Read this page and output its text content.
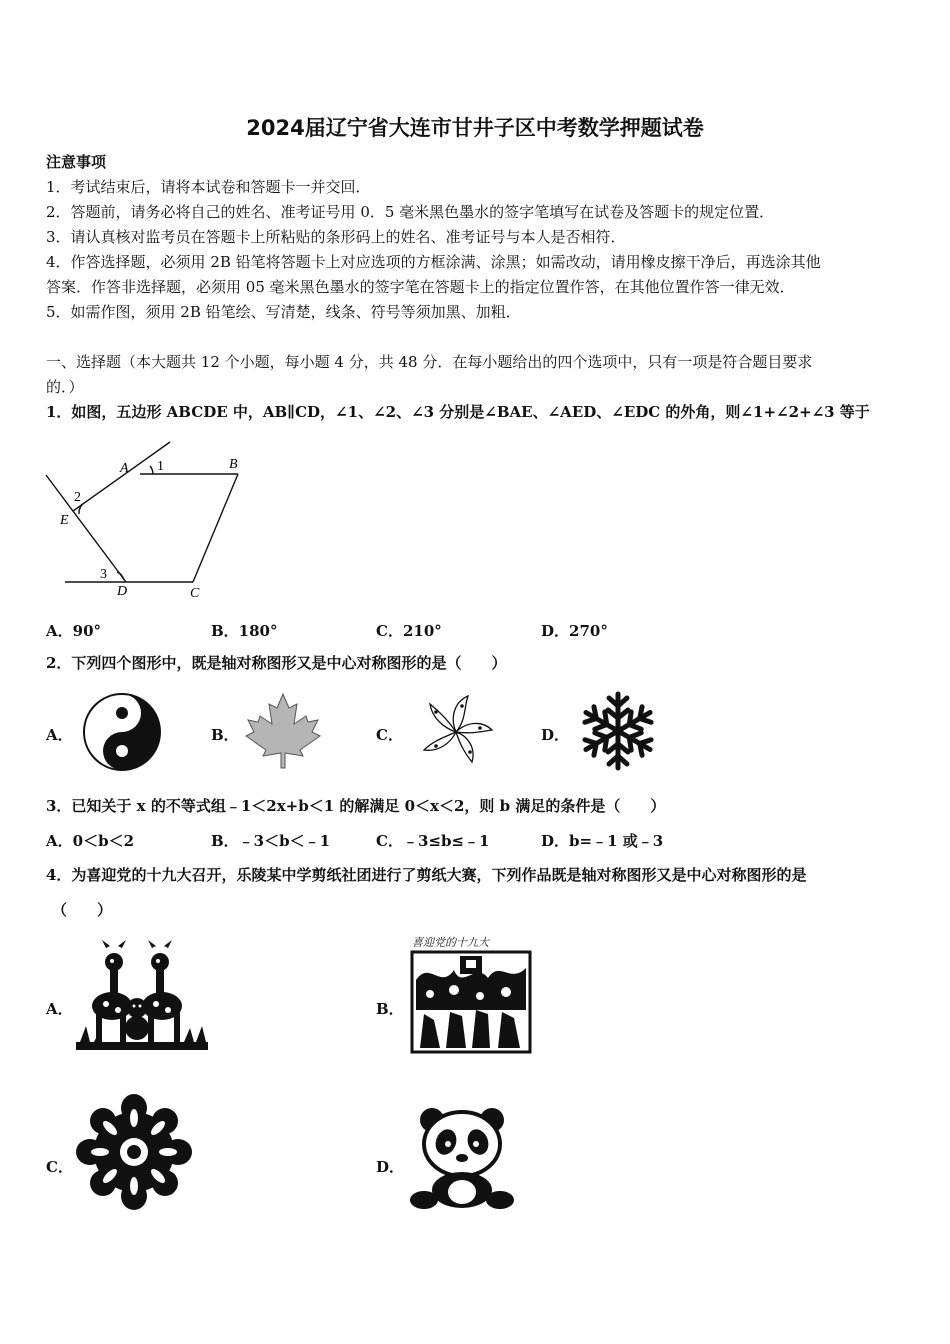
2024届辽宁省大连市甘井子区中考数学押题试卷
注意事项
1．考试结束后，请将本试卷和答题卡一并交回．
2．答题前，请务必将自己的姓名、准考证号用 0．5 毫米黑色墨水的签字笔填写在试卷及答题卡的规定位置．
3．请认真核对监考员在答题卡上所粘贴的条形码上的姓名、准考证号与本人是否相符．
4．作答选择题，必须用 2B 铅笔将答题卡上对应选项的方框涂满、涂黑；如需改动，请用橡皮擦干净后，再选涂其他
答案．作答非选择题，必须用 05 毫米黑色墨水的签字笔在答题卡上的指定位置作答，在其他位置作答一律无效．
5．如需作图，须用 2B 铅笔绘、写清楚，线条、符号等须加黑、加粗．
一、选择题（本大题共 12 个小题，每小题 4 分，共 48 分．在每小题给出的四个选项中，只有一项是符合题目要求
的．）
1．如图，五边形 ABCDE 中，AB∥CD，∠1、∠2、∠3 分别是∠BAE、∠AED、∠EDC 的外角，则∠1+∠2+∠3 等于
A	B
C
D
E
1
2
3
A．90°	B．180°	C．210°	D．270°
2．下列四个图形中，既是轴对称图形又是中心对称图形的是（　　）
A．	B．	C．	D．
3．已知关于 x 的不等式组﹣1＜2x+b＜1 的解满足 0＜x＜2，则 b 满足的条件是（　　）
A．0＜b＜2	B．﹣3＜b＜﹣1	C．﹣3≤b≤﹣1	D．b=﹣1 或﹣3
4．为喜迎党的十九大召开，乐陵某中学剪纸社团进行了剪纸大赛，下列作品既是轴对称图形又是中心对称图形的是
（　　）
A．	B．
C．	D．
喜迎党的十九大
